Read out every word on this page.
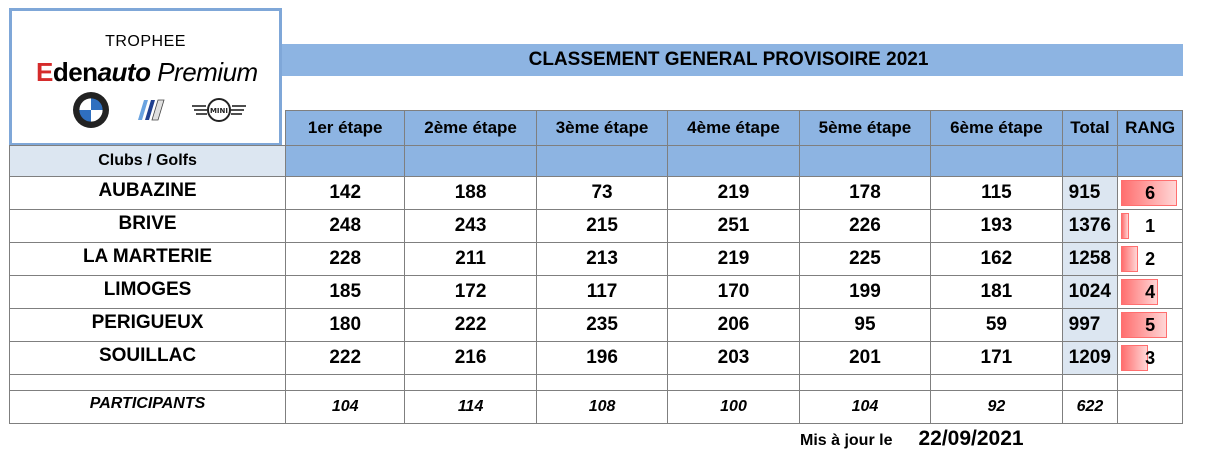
TROPHEE
Edenauto Premium
MINI
CLASSEMENT GENERAL PROVISOIRE 2021
	1er étape	2ème étape	3ème étape	4ème étape	5ème étape	6ème étape	Total	RANG
Clubs / Golfs								
AUBAZINE	142	188	73	219	178	115	915	6

BRIVE	248	243	215	251	226	193	1376	1

LA MARTERIE	228	211	213	219	225	162	1258	2

LIMOGES	185	172	117	170	199	181	1024	4

PERIGUEUX	180	222	235	206	95	59	997	5

SOUILLAC	222	216	196	203	201	171	1209	3

PARTICIPANTS	104	114	108	100	104	92	622	
Mis à jour le 22/09/2021
